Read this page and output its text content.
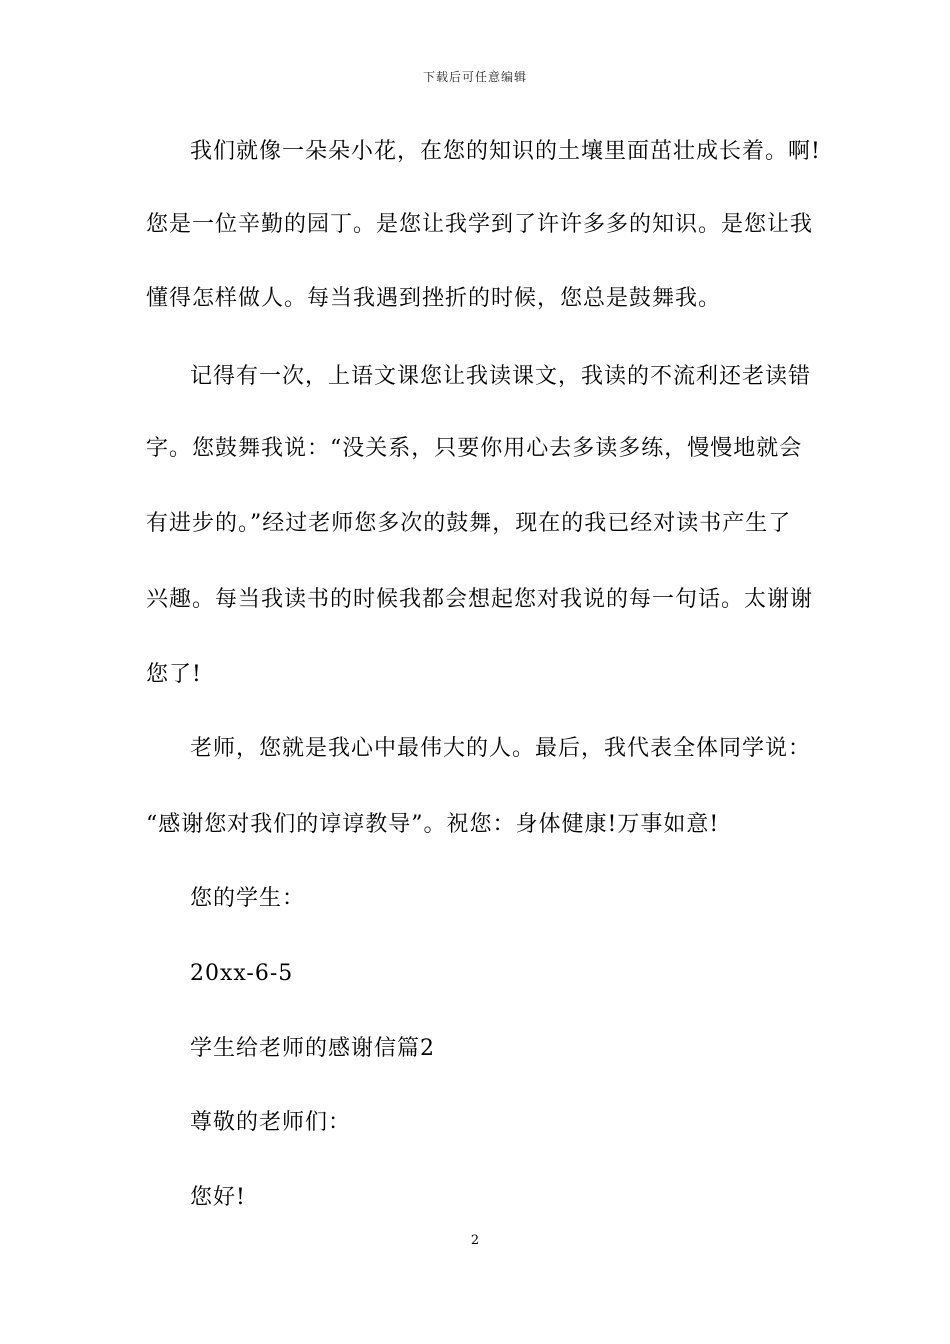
下载后可任意编辑
我们就像一朵朵小花，在您的知识的土壤里面茁壮成长着。啊!
您是一位辛勤的园丁。是您让我学到了许许多多的知识。是您让我
懂得怎样做人。每当我遇到挫折的时候，您总是鼓舞我。
记得有一次，上语文课您让我读课文，我读的不流利还老读错
字。您鼓舞我说：“没关系，只要你用心去多读多练，慢慢地就会
有进步的。”经过老师您多次的鼓舞，现在的我已经对读书产生了
兴趣。每当我读书的时候我都会想起您对我说的每一句话。太谢谢
您了!
老师，您就是我心中最伟大的人。最后，我代表全体同学说：
“感谢您对我们的谆谆教导”。祝您：身体健康!万事如意!
您的学生：
20xx-6-5
学生给老师的感谢信篇2
尊敬的老师们：
您好!
2
